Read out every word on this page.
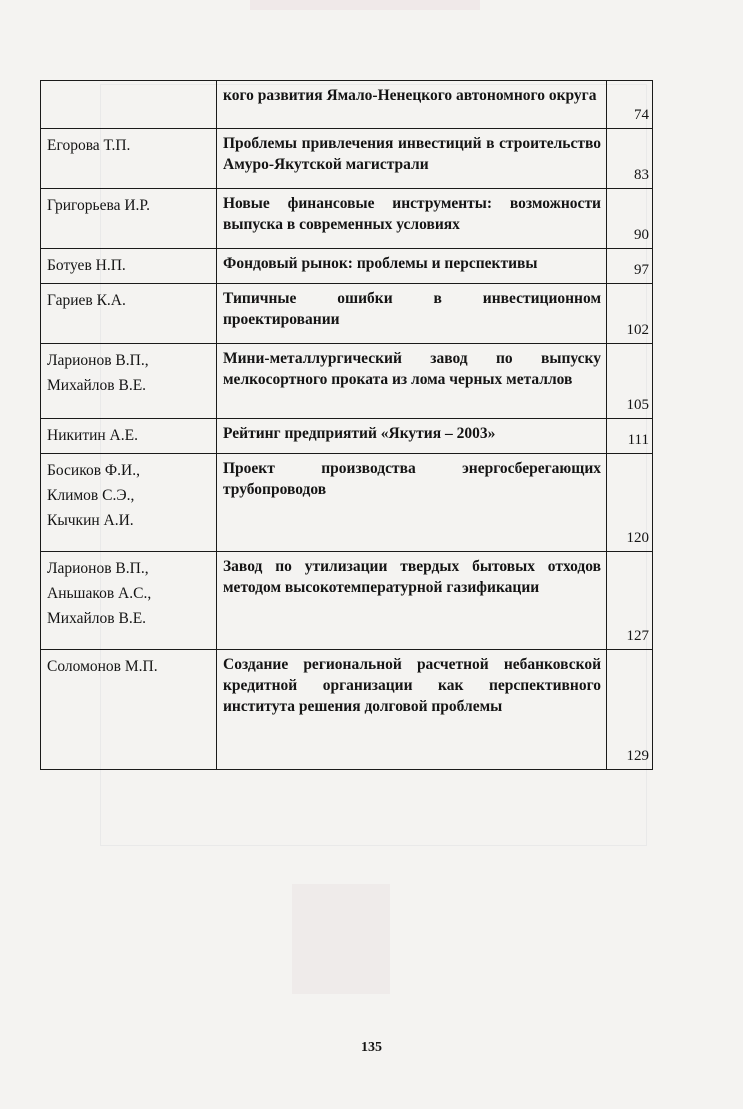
	кого развития Ямало-Ненецкого автономного округа	74

Егорова Т.П.	Проблемы привлечения инвестиций в строительство Амуро-Якутской магистрали	83

Григорьева И.Р.	Новые финансовые инструменты: возможности выпуска в современных условиях	90

Ботуев Н.П.	Фондовый рынок: проблемы и перспективы	97

Гариев К.А.	Типичные ошибки в инвестиционном проектировании	102

Ларионов В.П.,
Михайлов В.Е.	Мини-металлургический завод по выпуску мелкосортного проката из лома черных металлов	105

Никитин А.Е.	Рейтинг предприятий «Якутия – 2003»	111

Босиков Ф.И.,
Климов С.Э.,
Кычкин А.И.	Проект производства энергосберегающих трубопроводов	120

Ларионов В.П.,
Аньшаков А.С.,
Михайлов В.Е.	Завод по утилизации твердых бытовых отходов методом высокотемпературной газификации	127

Соломонов М.П.	Создание региональной расчетной небанковской кредитной организации как перспективного института решения долговой проблемы	129
135
